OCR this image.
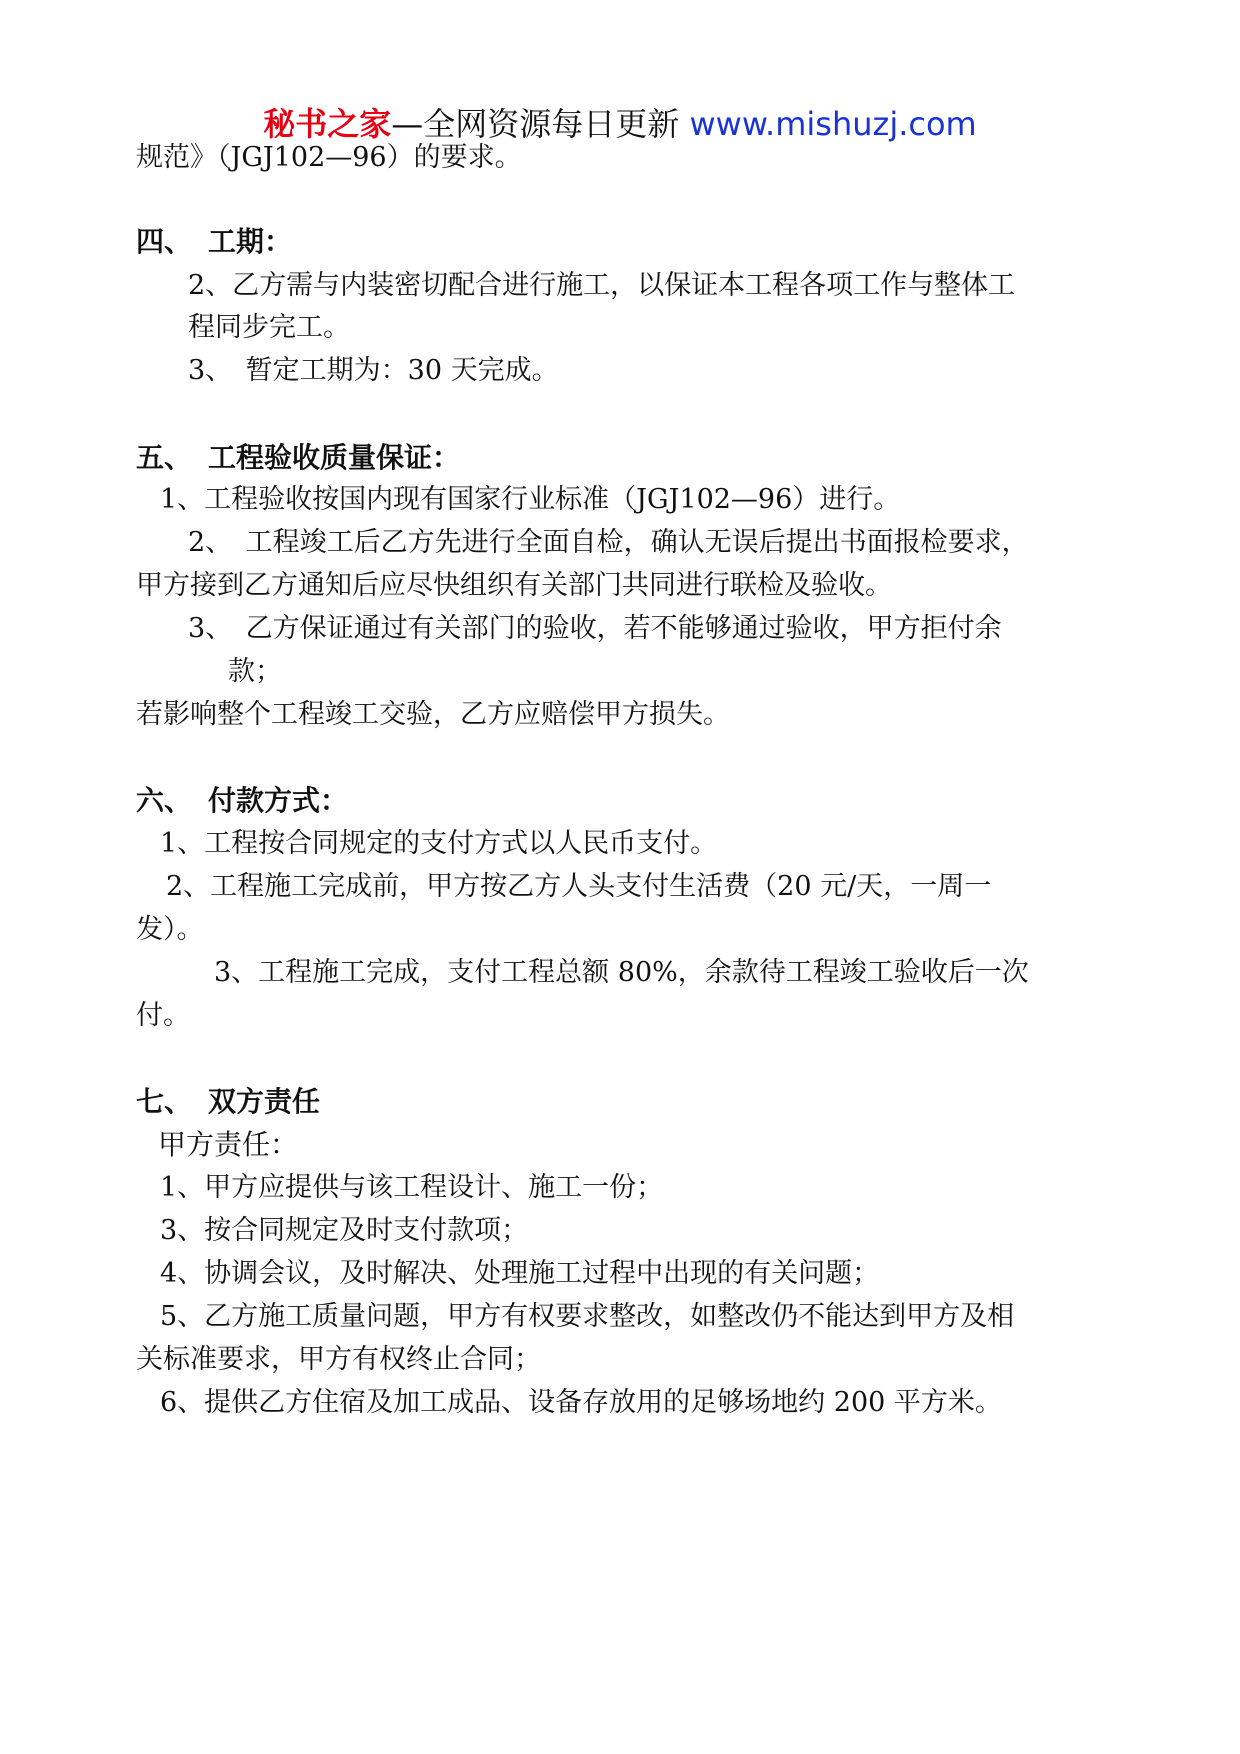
秘书之家—全网资源每日更新 www.mishuzj.com
规范》（JGJ102—96）的要求。
四、 工期：
2、乙方需与内装密切配合进行施工，以保证本工程各项工作与整体工
程同步完工。
3、　暂定工期为：30 天完成。
五、 工程验收质量保证：
1、工程验收按国内现有国家行业标准（JGJ102—96）进行。
2、　工程竣工后乙方先进行全面自检，确认无误后提出书面报检要求，
甲方接到乙方通知后应尽快组织有关部门共同进行联检及验收。
3、　乙方保证通过有关部门的验收，若不能够通过验收，甲方拒付余
款；
若影响整个工程竣工交验，乙方应赔偿甲方损失。
六、 付款方式：
1、工程按合同规定的支付方式以人民币支付。
2、工程施工完成前，甲方按乙方人头支付生活费（20 元/天，一周一
发）。
3、工程施工完成，支付工程总额 80%，余款待工程竣工验收后一次
付。
七、 双方责任
甲方责任：
1、甲方应提供与该工程设计、施工一份；
3、按合同规定及时支付款项；
4、协调会议，及时解决、处理施工过程中出现的有关问题；
5、乙方施工质量问题，甲方有权要求整改，如整改仍不能达到甲方及相
关标准要求，甲方有权终止合同；
6、提供乙方住宿及加工成品、设备存放用的足够场地约 200 平方米。
